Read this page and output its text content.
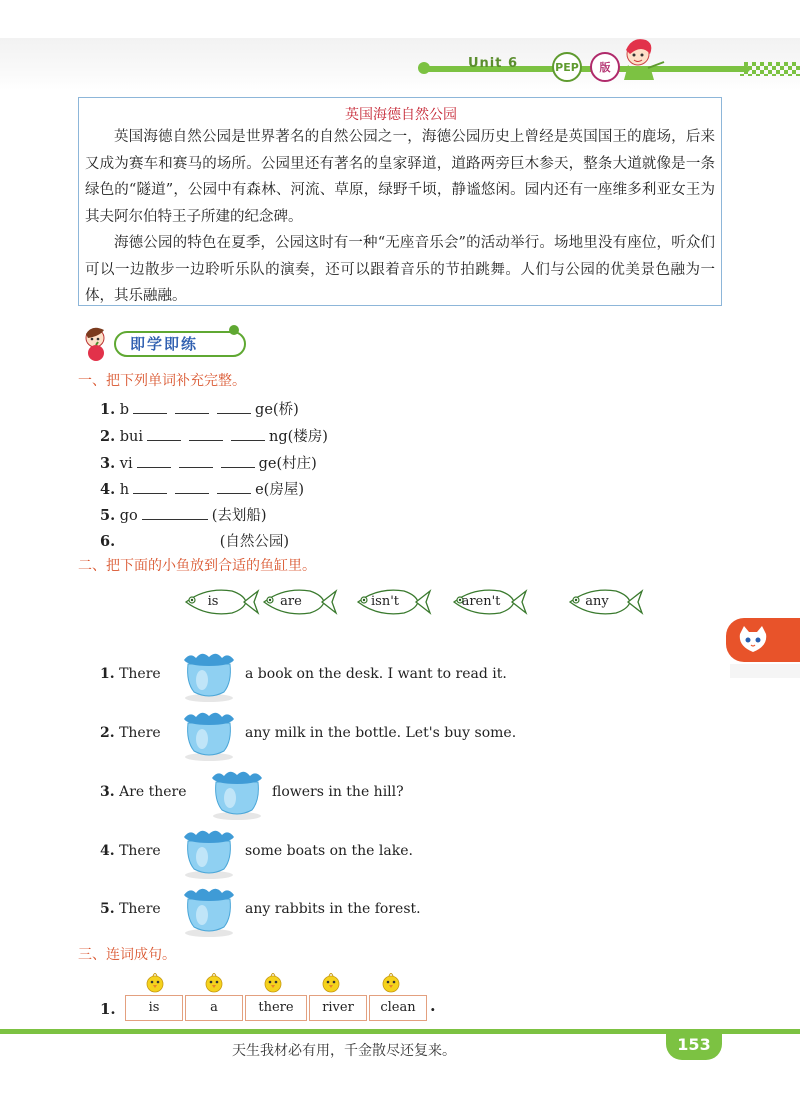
Unit 6	PEP	版
英国海德自然公园

英国海德自然公园是世界著名的自然公园之一，海德公园历史上曾经是英国国王的鹿场，后来又成为赛车和赛马的场所。公园里还有著名的皇家驿道，道路两旁巨木参天，整条大道就像是一条绿色的“隧道”，公园中有森林、河流、草原，绿野千顷，静谧悠闲。园内还有一座维多利亚女王为其夫阿尔伯特王子所建的纪念碑。

海德公园的特色在夏季，公园这时有一种“无座音乐会”的活动举行。场地里没有座位，听众们可以一边散步一边聆听乐队的演奏，还可以跟着音乐的节拍跳舞。人们与公园的优美景色融为一体，其乐融融。

即学即练
一、把下列单词补充完整。
1. b	ge(桥)
2. bui	ng(楼房)
3. vi	ge(村庄)
4. h	e(房屋)
5. go	(去划船)
6.	(自然公园)
二、把下面的小鱼放到合适的鱼缸里。
is	are	isn't	aren't	any
1. There	a book on the desk. I want to read it.
2. There	any milk in the bottle. Let's buy some.
3. Are there	flowers in the hill?
4. There	some boats on the lake.
5. There	any rabbits in the forest.
三、连词成句。
1.	is	a	there	river	clean .
153
天生我材必有用，千金散尽还复来。
